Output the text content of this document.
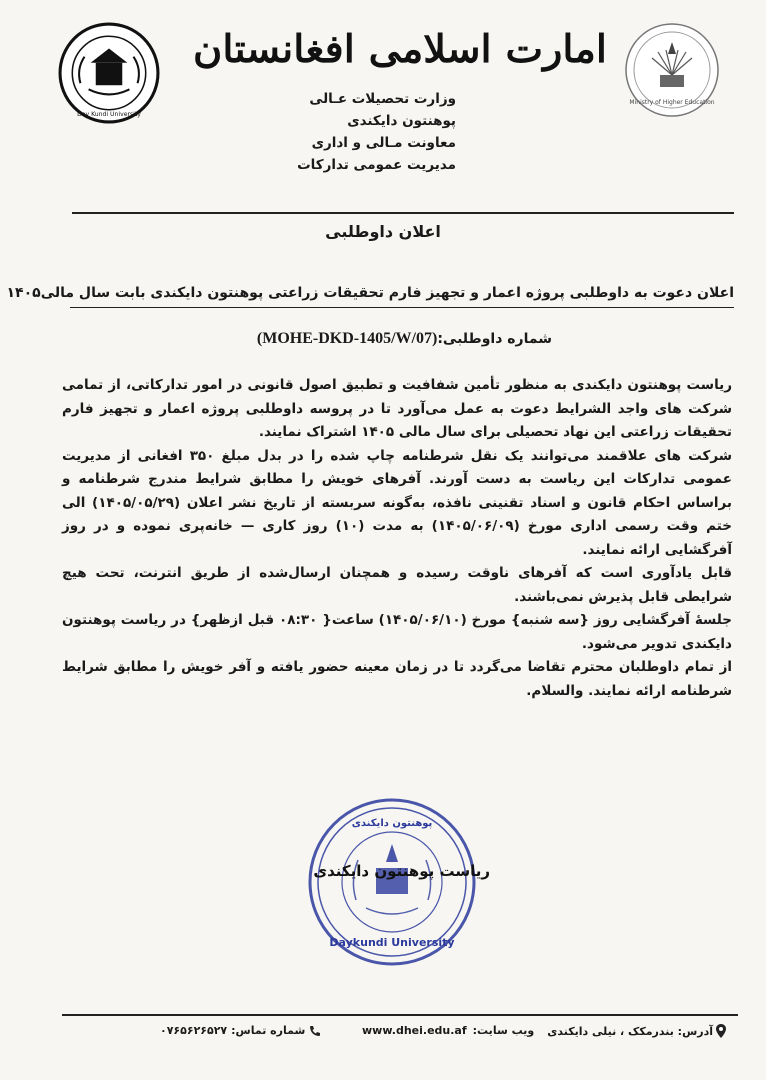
Day Kundi University
Ministry of Higher Education
امارت اسلامی افغانستان
وزارت تحصیلات عـالی
پوهنتون دایکندی
معاونت مـالی و اداری
مدیریت عمومی تدارکات
اعلان داوطلبی
اعلان دعوت به داوطلبی پروژه اعمار و تجهیز فارم تحقیقات زراعتی پوهنتون دایکندی بابت سال مالی۱۴۰۵
شماره داوطلبی:(MOHE-DKD-1405/W/07)

ریاست پوهنتون دایکندی به منظور تأمین شفافیت و تطبیق اصول قانونی در امور تدارکاتی، از تمامی شرکت های واجد الشرایط دعوت به عمل می‌آورد تا در پروسه داوطلبی پروژه اعمار و تجهیز فارم تحقیقات زراعتی این نهاد تحصیلی برای سال مالی ۱۴۰۵ اشتراک نمایند.

شرکت های علاقمند می‌توانند یک نقل شرطنامه چاپ شده را در بدل مبلغ ۳۵۰ افغانی از مدیریت عمومی تدارکات این ریاست به دست آورند. آفرهای خویش را مطابق شرایط مندرج شرطنامه و براساس احکام قانون و اسناد تقنینی نافذه، به‌گونه سربسته از تاریخ نشر اعلان (۱۴۰۵/۰۵/۲۹) الی ختم وقت رسمی اداری مورخ (۱۴۰۵/۰۶/۰۹) به مدت (۱۰) روز کاری — خانه‌پری نموده و در روز آفرگشایی ارائه نمایند.

قابل یادآوری است که آفرهای ناوقت رسیده و همچنان ارسال‌شده از طریق انترنت، تحت هیچ شرایطی قابل پذیرش نمی‌باشند.

جلسهٔ آفرگشایی روز {سه شنبه} مورخ (۱۴۰۵/۰۶/۱۰) ساعت{ ۰۸:۳۰ قبل ازظهر} در ریاست پوهنتون دایکندی تدویر می‌شود.

از تمام داوطلبان محترم تقاضا می‌گردد تا در زمان معینه حضور یافته و آفر خویش را مطابق شرایط شرطنامه ارائه نمایند. والسلام.

Daykundi University
پوهنتون دایکندی
ریاست پوهنتون دایکندی
آدرس: بندرمکک ، نیلی دایکندی
ویب سایت:
www.dhei.edu.af
شماره تماس:
۰۷۶۵۶۲۶۵۲۷
